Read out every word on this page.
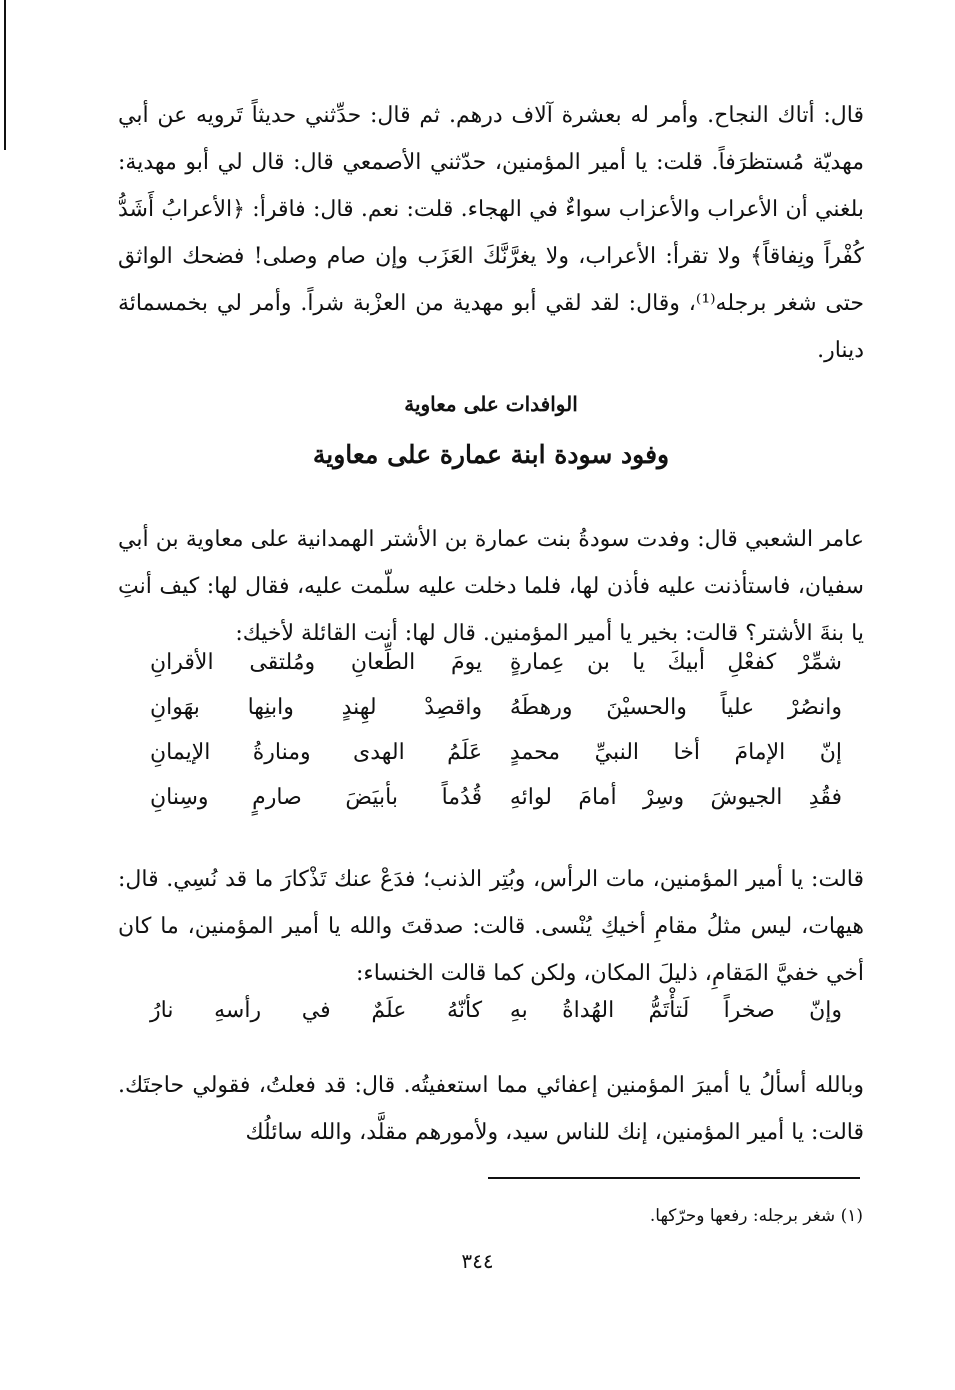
قال: أتاك النجاح. وأمر له بعشرة آلاف درهم. ثم قال: حدِّثني حديثاً تَرويه عن أبي مهديّة مُستظرَفاً. قلت: يا أمير المؤمنين، حدّثني الأصمعي قال: قال لي أبو مهدية: بلغني أن الأعراب والأعزاب سواءٌ في الهجاء. قلت: نعم. قال: فاقرأ: ﴿الأعرابُ أَشَدُّ كُفْراً ونِفاقاً﴾ ولا تقرأ: الأعراب، ولا يغرَّنَّكَ العَزَب وإن صام وصلى! فضحك الواثق حتى شغر برجله⁽¹⁾، وقال: لقد لقي أبو مهدية من العزْبة شراً. وأمر لي بخمسمائة دينار.

الوافدات على معاوية
وفود سودة ابنة عمارة على معاوية

عامر الشعبي قال: وفدت سودةُ بنت عمارة بن الأشتر الهمدانية على معاوية بن أبي سفيان، فاستأذنت عليه فأذن لها، فلما دخلت عليه سلّمت عليه، فقال لها: كيف أنتِ يا بنةَ الأشتر؟ قالت: بخير يا أمير المؤمنين. قال لها: أنت القائلة لأخيك:

شمِّرْ كفعْلِ أبيكَ يا بن عِمارةٍ
يومَ الطِّعانِ ومُلتقى الأقرانِ
وانصُرْ علياً والحسيْنَ ورهطَهُ
واقصِدْ لهِندٍ وابنِها بهَوانِ
إنّ الإمامَ أخا النبيِّ محمدٍ
عَلَمُ الهدى ومنارةُ الإيمانِ
فقُدِ الجيوشَ وسِرْ أمامَ لوائهِ
قُدُماً بأبيَضَ صارمٍ وسِنانِ

قالت: يا أمير المؤمنين، مات الرأس، وبُتِر الذنب؛ فدَعْ عنك تَذْكارَ ما قد نُسِي. قال: هيهات، ليس مثلُ مقامِ أخيكِ يُنْسى. قالت: صدقتَ والله يا أمير المؤمنين، ما كان أخي خفيَّ المَقامِ، ذليلَ المكان، ولكن كما قالت الخنساء:

وإنّ صخراً لَتأْتَمُّ الهُداةُ بهِ
كأنّهُ علَمٌ في رأسهِ نارُ

وبالله أسألُ يا أميرَ المؤمنين إعفائي مما استعفيتُه. قال: قد فعلتُ، فقولي حاجتَك. قالت: يا أمير المؤمنين، إنك للناس سيد، ولأمورهم مقلَّد، والله سائلُك

(١) شغر برجله: رفعها وحرّكها.
٣٤٤
